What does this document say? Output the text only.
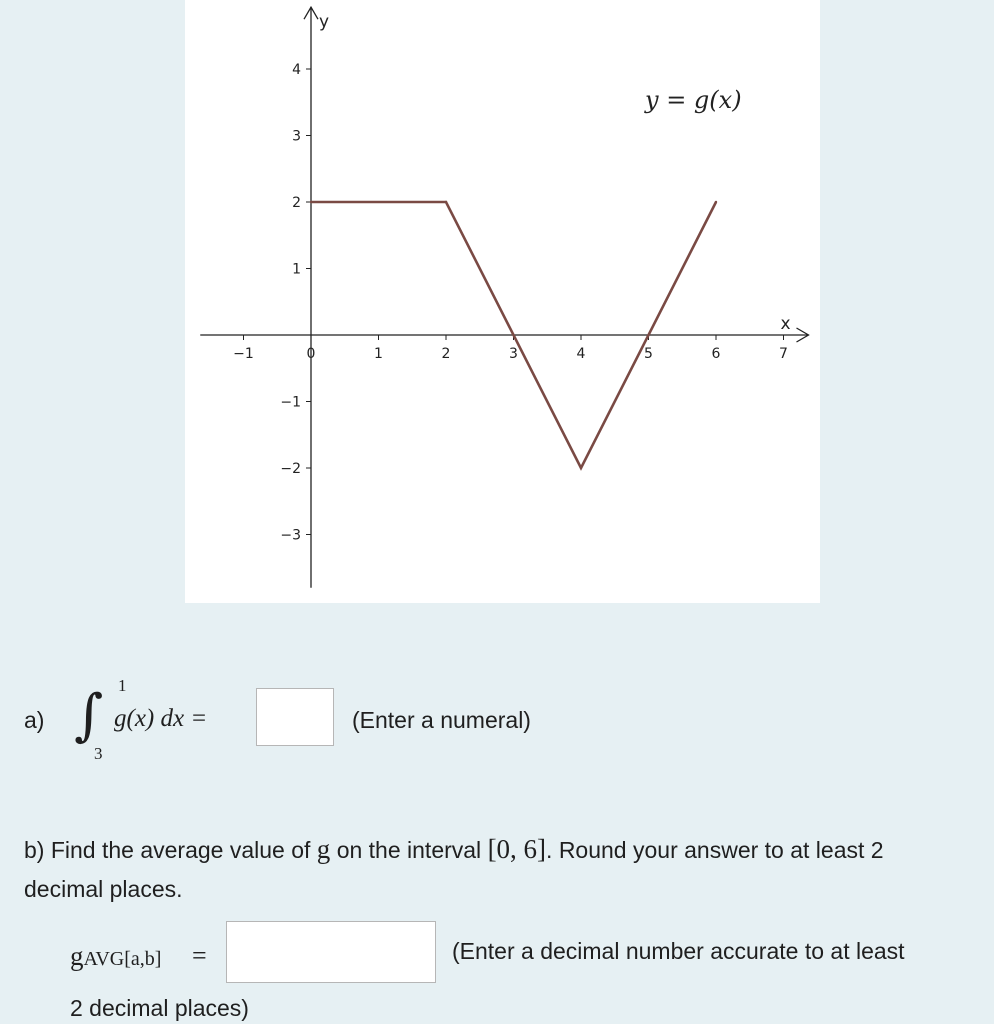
x
y
−1	0	1	2	3	4	5	6	7
4
3
2
1
−1
−2
−3
y = g(x)
a) ∫ 1
3
g(x) dx =	(Enter a numeral)
b) Find the average value of g on the interval [0, 6]. Round your answer to at least 2 decimal places.
gAVG[a,b] =	(Enter a decimal number accurate to at least
2 decimal places)
